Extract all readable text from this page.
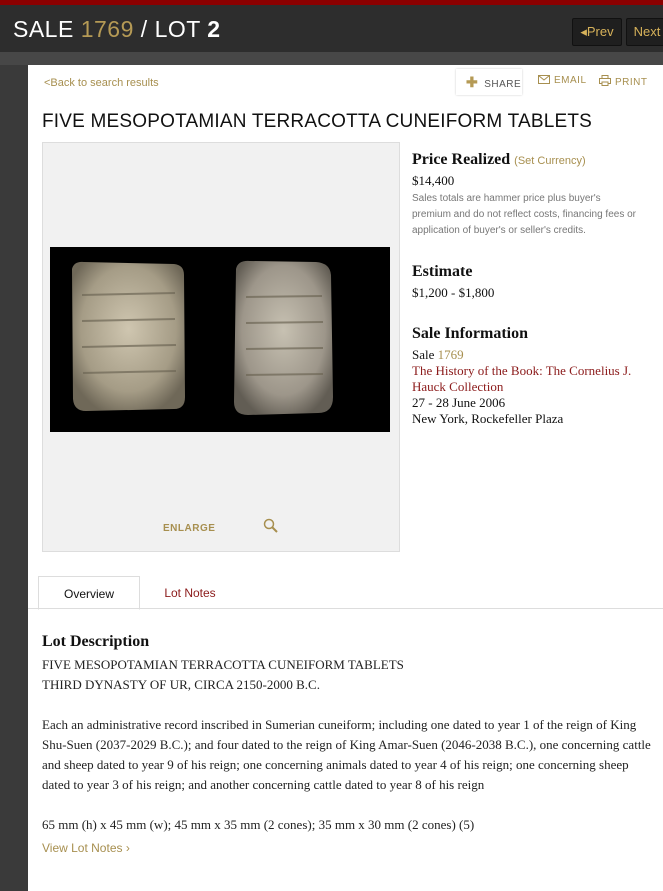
SALE 1769 / LOT 2	◂Prev	Next
<Back to search results	✚ SHARE	EMAIL	PRINT
FIVE MESOPOTAMIAN TERRACOTTA CUNEIFORM TABLETS
ENLARGE
Price Realized (Set Currency)
$14,400
Sales totals are hammer price plus buyer's premium and do not reflect costs, financing fees or application of buyer's or seller's credits.
Estimate
$1,200 - $1,800
Sale Information
Sale 1769
The History of the Book: The Cornelius J. Hauck Collection
27 - 28 June 2006
New York, Rockefeller Plaza
Overview	Lot Notes
Lot Description
FIVE MESOPOTAMIAN TERRACOTTA CUNEIFORM TABLETS
THIRD DYNASTY OF UR, CIRCA 2150-2000 B.C.
Each an administrative record inscribed in Sumerian cuneiform; including one dated to year 1 of the reign of King Shu-Suen (2037-2029 B.C.); and four dated to the reign of King Amar-Suen (2046-2038 B.C.), one concerning cattle and sheep dated to year 9 of his reign; one concerning animals dated to year 4 of his reign; one concerning sheep dated to year 3 of his reign; and another concerning cattle dated to year 8 of his reign
65 mm (h) x 45 mm (w); 45 mm x 35 mm (2 cones); 35 mm x 30 mm (2 cones) (5)
View Lot Notes ›
